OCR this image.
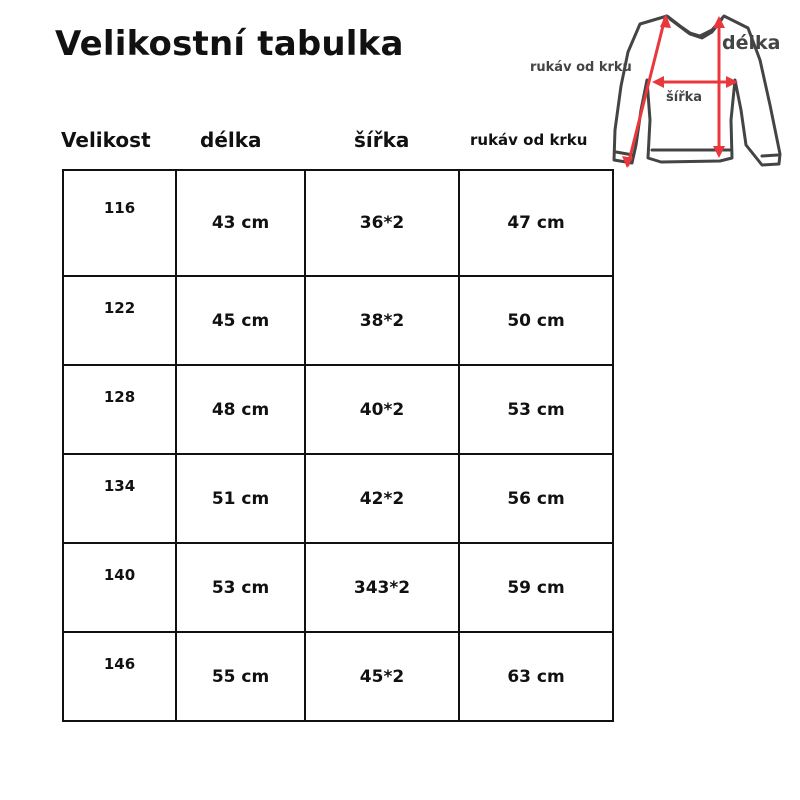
Velikostní tabulka
Velikost délka	šířka	rukáv od krku
116	43 cm	36*2	47 cm
122	45 cm	38*2	50 cm
128	48 cm	40*2	53 cm
134	51 cm	42*2	56 cm
140	53 cm	343*2	59 cm
146	55 cm	45*2	63 cm
délka
rukáv od krku
šířka
